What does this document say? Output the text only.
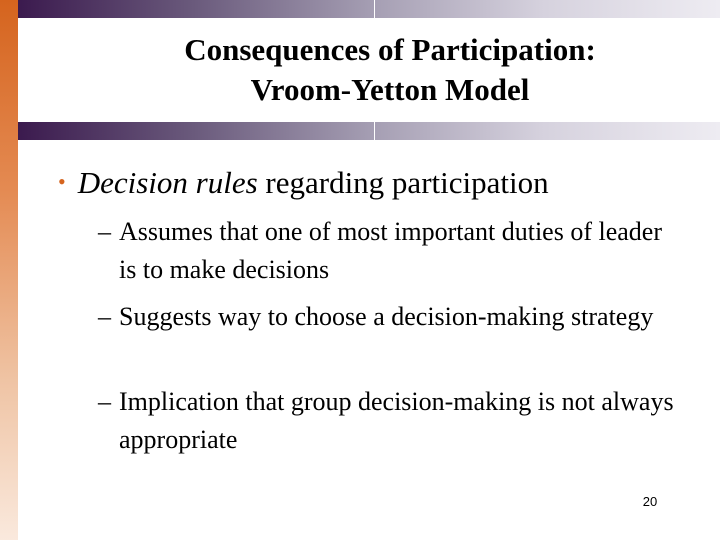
Consequences of Participation:
Vroom-Yetton Model
• Decision rules regarding participation
– Assumes that one of most important duties of leader is to make decisions
– Suggests way to choose a decision-making strategy
– Implication that group decision-making is not always appropriate
20
